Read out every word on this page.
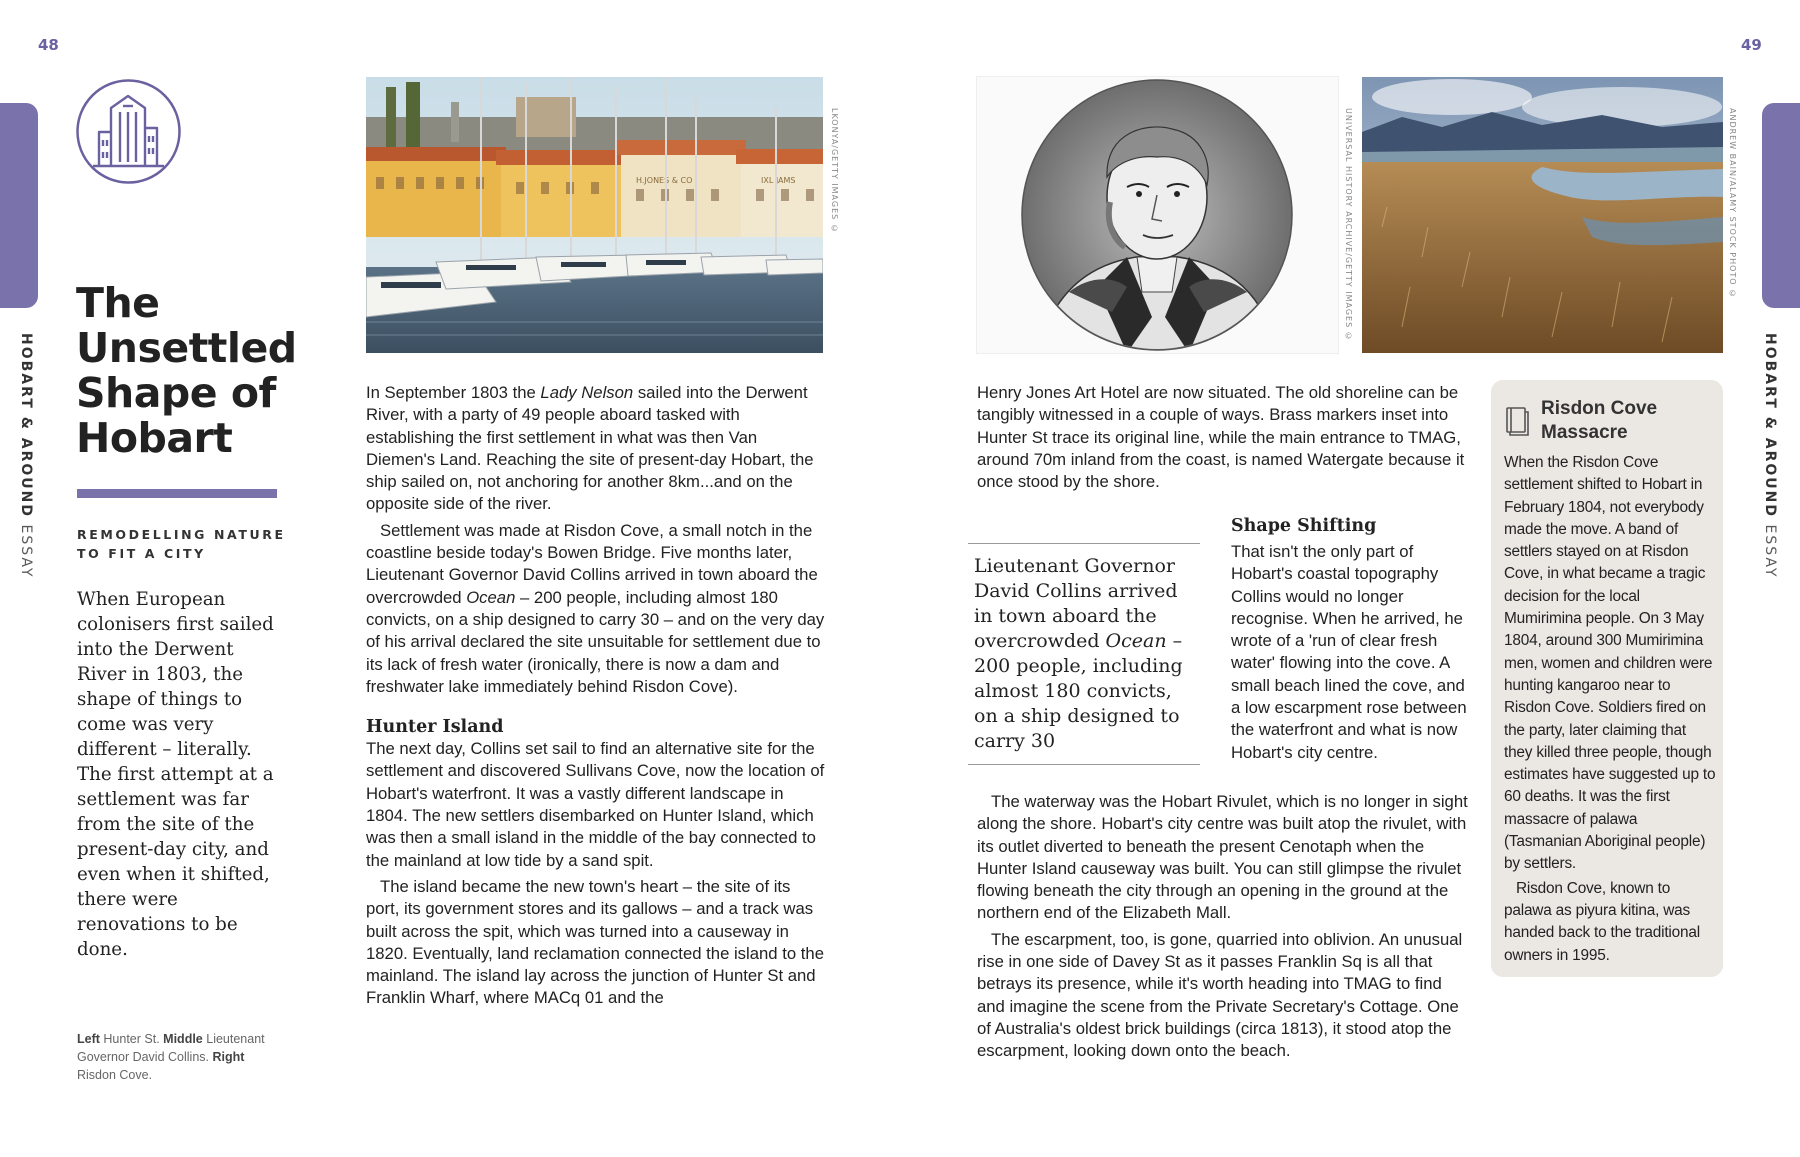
48	49
HOBART & AROUND ESSAY
HOBART & AROUND ESSAY
The Unsettled Shape of Hobart
REMODELLING NATURE TO FIT A CITY
When European colonisers first sailed into the Derwent River in 1803, the shape of things to come was very different – literally. The first attempt at a settlement was far from the site of the present-day city, and even when it shifted, there were renovations to be done.
Left Hunter St. Middle Lieutenant Governor David Collins. Right Risdon Cove.
H.JONES & CO	IXL JAMS	LKONYA/GETTY IMAGES ©	UNIVERSAL HISTORY ARCHIVE/GETTY IMAGES ©	ANDREW BAIN/ALAMY STOCK PHOTO ©

In September 1803 the Lady Nelson sailed into the Derwent River, with a party of 49 people aboard tasked with establishing the first settlement in what was then Van Diemen's Land. Reaching the site of present-day Hobart, the ship sailed on, not anchoring for another 8km...and on the opposite side of the river.

Settlement was made at Risdon Cove, a small notch in the coastline beside today's Bowen Bridge. Five months later, Lieutenant Governor David Collins arrived in town aboard the overcrowded Ocean – 200 people, including almost 180 convicts, on a ship designed to carry 30 – and on the very day of his arrival declared the site unsuitable for settlement due to its lack of fresh water (ironically, there is now a dam and freshwater lake immediately behind Risdon Cove).

Hunter Island

The next day, Collins set sail to find an alternative site for the settlement and discovered Sullivans Cove, now the location of Hobart's waterfront. It was a vastly different landscape in 1804. The new settlers disembarked on Hunter Island, which was then a small island in the middle of the bay connected to the mainland at low tide by a sand spit.

The island became the new town's heart – the site of its port, its government stores and its gallows – and a track was built across the spit, which was turned into a causeway in 1820. Eventually, land reclamation connected the island to the mainland. The island lay across the junction of Hunter St and Franklin Wharf, where MACq 01 and the

Henry Jones Art Hotel are now situated. The old shoreline can be tangibly witnessed in a couple of ways. Brass markers inset into Hunter St trace its original line, while the main entrance to TMAG, around 70m inland from the coast, is named Watergate because it once stood by the shore.

Lieutenant Governor David Collins arrived in town aboard the overcrowded Ocean – 200 people, including almost 180 convicts, on a ship designed to carry 30
Shape Shifting
That isn't the only part of Hobart's coastal topography Collins would no longer recognise. When he arrived, he wrote of a 'run of clear fresh water' flowing into the cove. A small beach lined the cove, and a low escarpment rose between the waterfront and what is now Hobart's city centre.

The waterway was the Hobart Rivulet, which is no longer in sight along the shore. Hobart's city centre was built atop the rivulet, with its outlet diverted to beneath the present Cenotaph when the Hunter Island causeway was built. You can still glimpse the rivulet flowing beneath the city through an opening in the ground at the northern end of the Elizabeth Mall.

The escarpment, too, is gone, quarried into oblivion. An unusual rise in one side of Davey St as it passes Franklin Sq is all that betrays its presence, while it's worth heading into TMAG to find and imagine the scene from the Private Secretary's Cottage. One of Australia's oldest brick buildings (circa 1813), it stood atop the escarpment, looking down onto the beach.

Risdon Cove Massacre

When the Risdon Cove settlement shifted to Hobart in February 1804, not everybody made the move. A band of settlers stayed on at Risdon Cove, in what became a tragic decision for the local Mumirimina people. On 3 May 1804, around 300 Mumirimina men, women and children were hunting kangaroo near to Risdon Cove. Soldiers fired on the party, later claiming that they killed three people, though estimates have suggested up to 60 deaths. It was the first massacre of palawa (Tasmanian Aboriginal people) by settlers.

Risdon Cove, known to palawa as piyura kitina, was handed back to the traditional owners in 1995.
